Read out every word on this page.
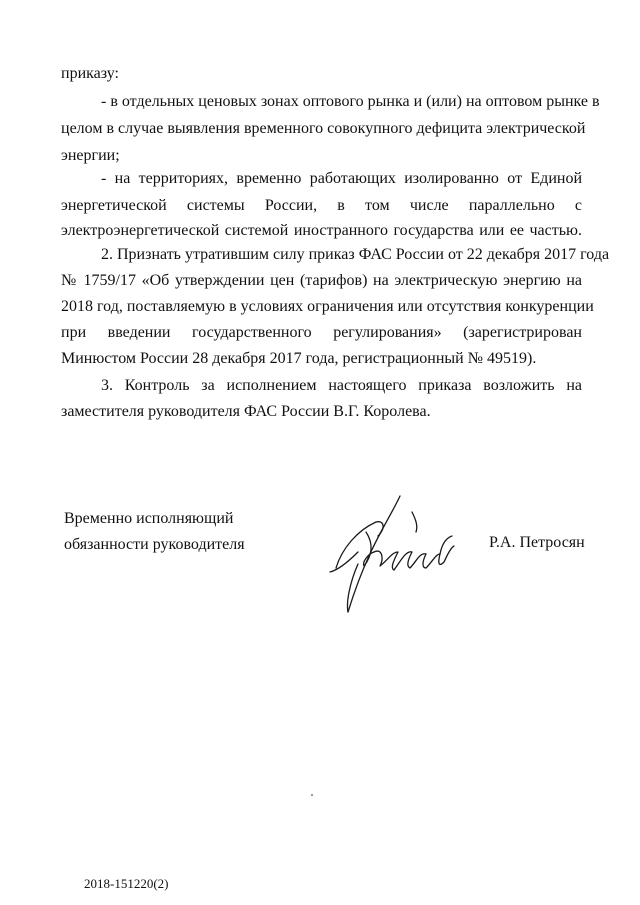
приказу:
- в отдельных ценовых зонах оптового рынка и (или) на оптовом рынке в
целом в случае выявления временного совокупного дефицита электрической
энергии;
- на территориях, временно работающих изолированно от Единой
энергетической системы России, в том числе параллельно с
электроэнергетической системой иностранного государства или ее частью.
2. Признать утратившим силу приказ ФАС России от 22 декабря 2017 года
№ 1759/17 «Об утверждении цен (тарифов) на электрическую энергию на
2018 год, поставляемую в условиях ограничения или отсутствия конкуренции
при введении государственного регулирования» (зарегистрирован
Минюстом России 28 декабря 2017 года, регистрационный № 49519).
3. Контроль за исполнением настоящего приказа возложить на
заместителя руководителя ФАС России В.Г. Королева.
Временно исполняющий
обязанности руководителя	Р.А. Петросян
2018-151220(2)
